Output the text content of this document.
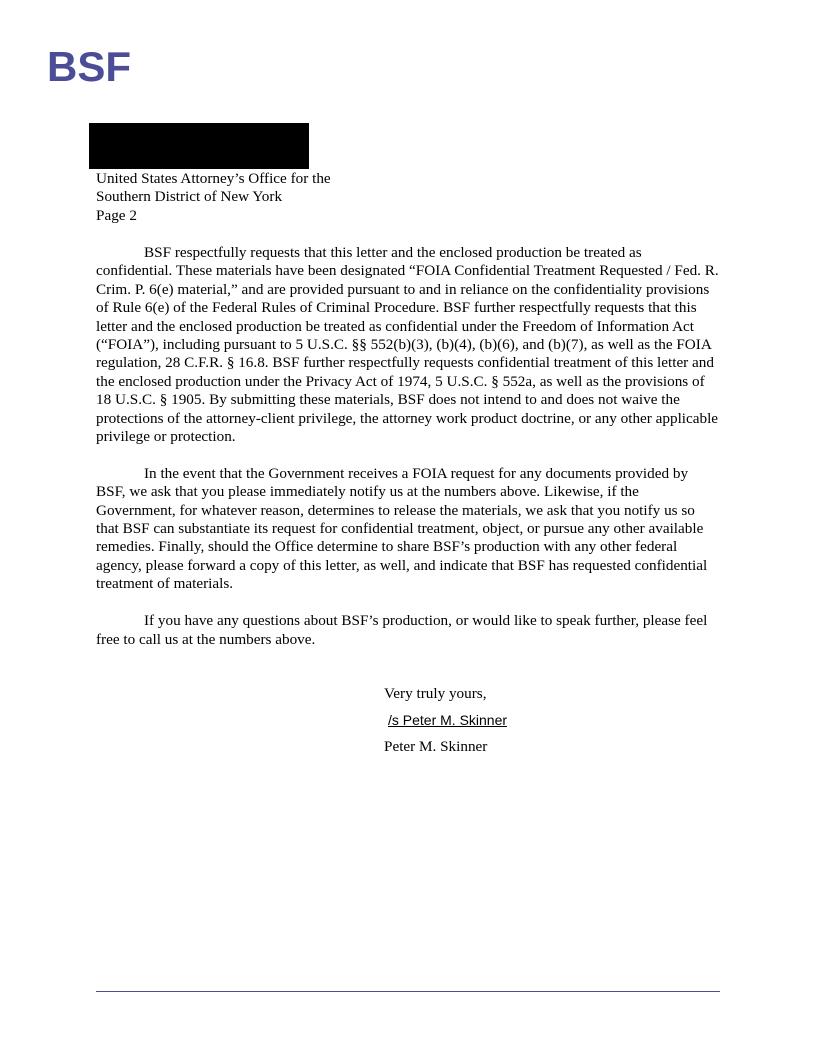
BSF
United States Attorney’s Office for the
Southern District of New York
Page 2

BSF respectfully requests that this letter and the enclosed production be treated as confidential. These materials have been designated “FOIA Confidential Treatment Requested / Fed. R. Crim. P. 6(e) material,” and are provided pursuant to and in reliance on the confidentiality provisions of Rule 6(e) of the Federal Rules of Criminal Procedure. BSF further respectfully requests that this letter and the enclosed production be treated as confidential under the Freedom of Information Act (“FOIA”), including pursuant to 5 U.S.C. §§ 552(b)(3), (b)(4), (b)(6), and (b)(7), as well as the FOIA regulation, 28 C.F.R. § 16.8. BSF further respectfully requests confidential treatment of this letter and the enclosed production under the Privacy Act of 1974, 5 U.S.C. § 552a, as well as the provisions of 18 U.S.C. § 1905. By submitting these materials, BSF does not intend to and does not waive the protections of the attorney-client privilege, the attorney work product doctrine, or any other applicable privilege or protection.

In the event that the Government receives a FOIA request for any documents provided by BSF, we ask that you please immediately notify us at the numbers above. Likewise, if the Government, for whatever reason, determines to release the materials, we ask that you notify us so that BSF can substantiate its request for confidential treatment, object, or pursue any other available remedies. Finally, should the Office determine to share BSF’s production with any other federal agency, please forward a copy of this letter, as well, and indicate that BSF has requested confidential treatment of materials.

If you have any questions about BSF’s production, or would like to speak further, please feel free to call us at the numbers above.

Very truly yours,
/s Peter M. Skinner
Peter M. Skinner
